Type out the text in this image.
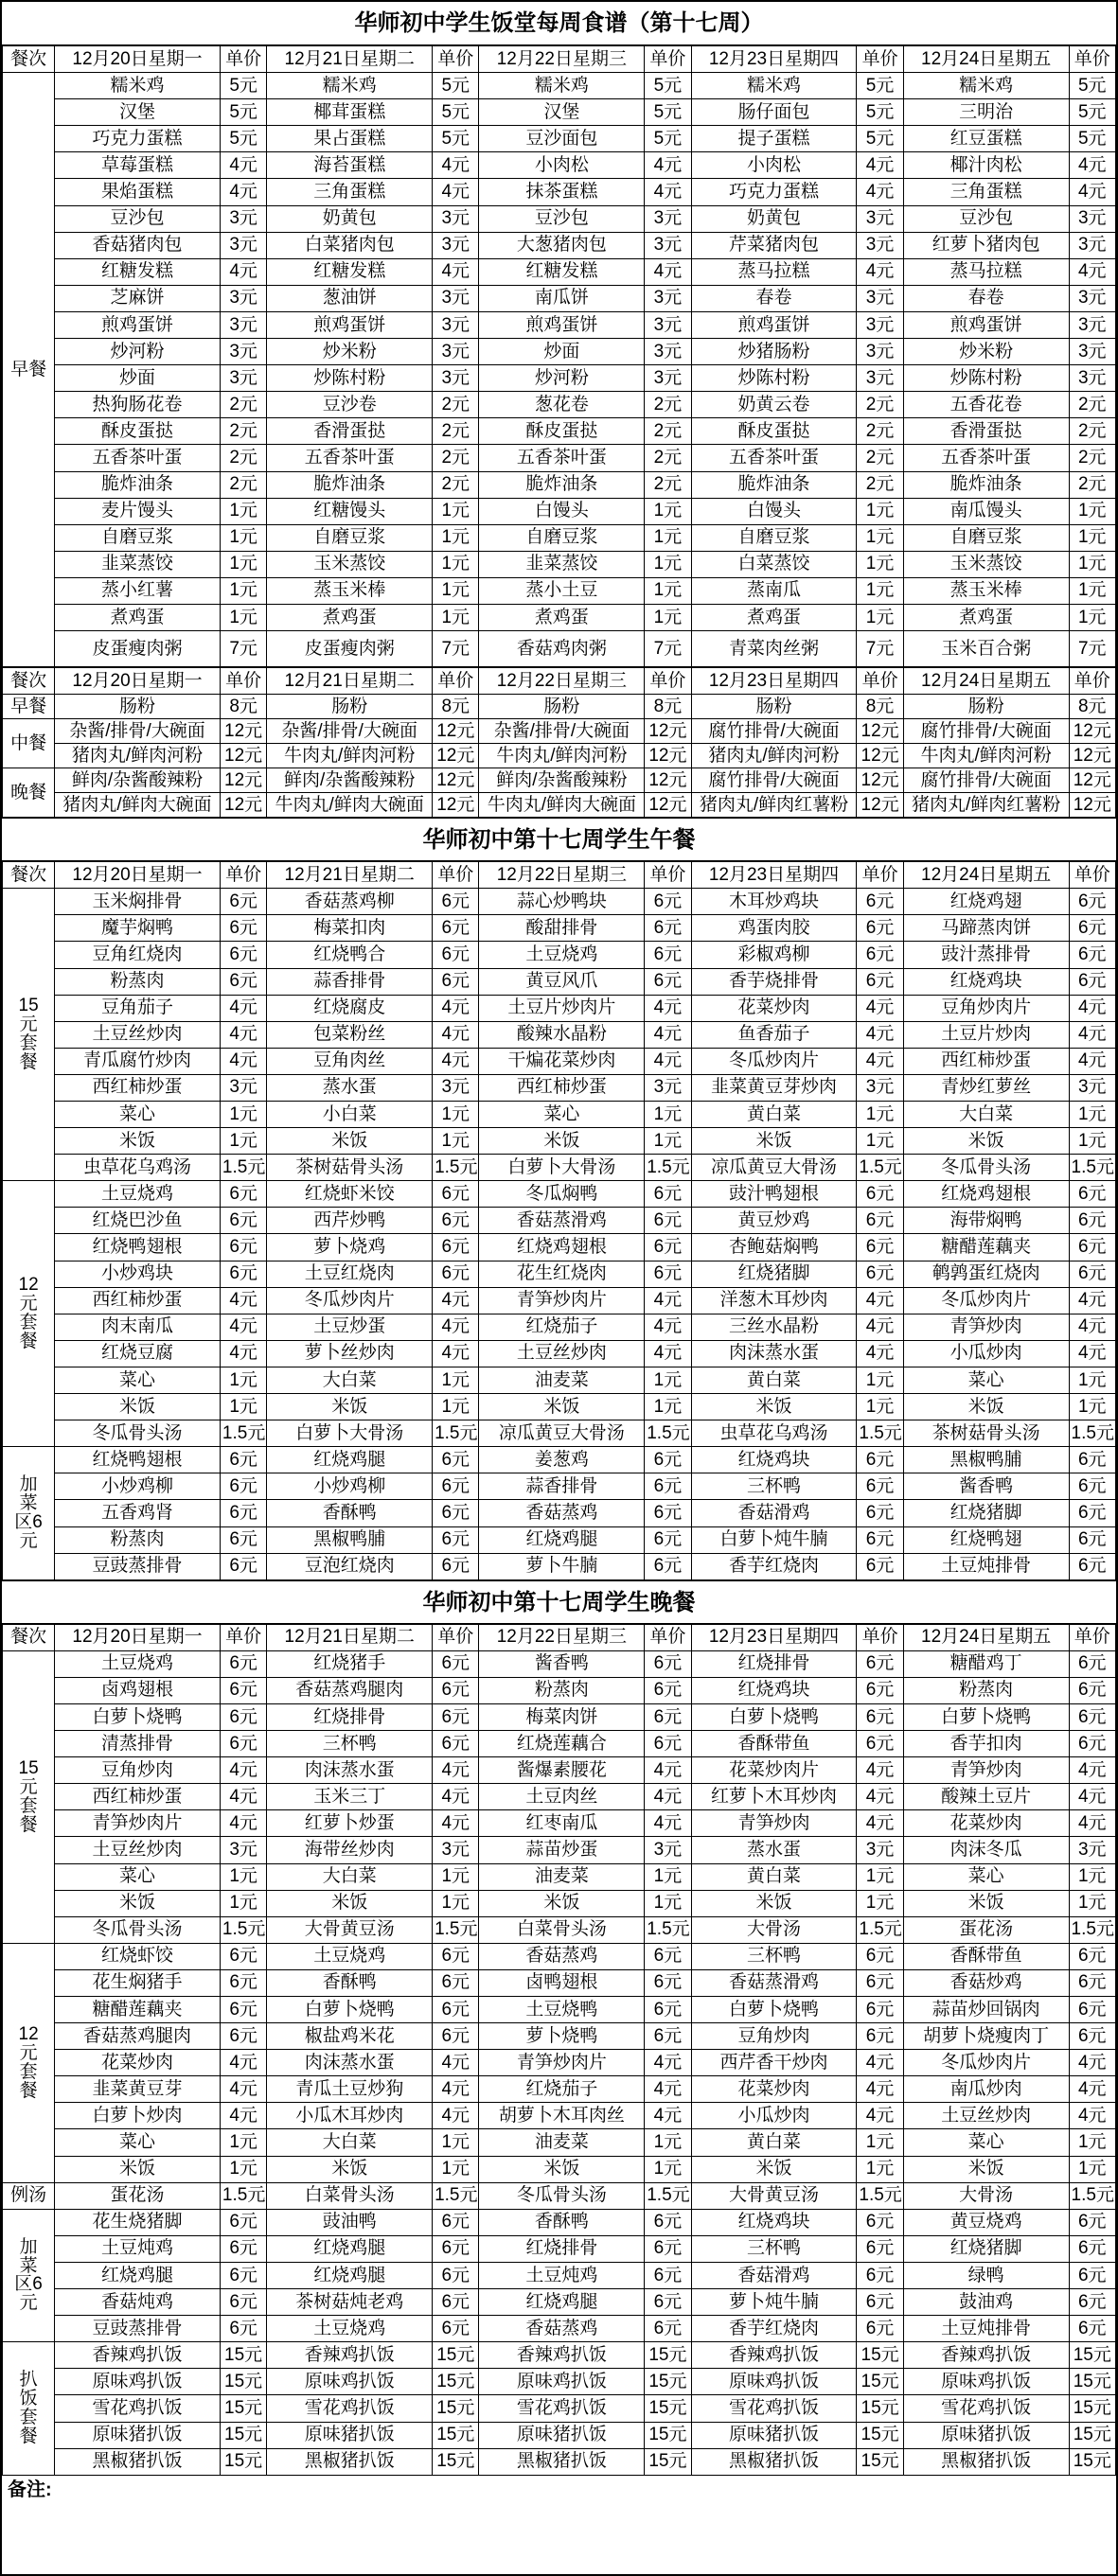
华师初中学生饭堂每周食谱（第十七周）
餐次	12月20日星期一	单价	12月21日星期二	单价	12月22日星期三	单价	12月23日星期四	单价	12月24日星期五	单价
早餐	糯米鸡	5元	糯米鸡	5元	糯米鸡	5元	糯米鸡	5元	糯米鸡	5元
	汉堡	5元	椰茸蛋糕	5元	汉堡	5元	肠仔面包	5元	三明治	5元
	巧克力蛋糕	5元	果占蛋糕	5元	豆沙面包	5元	提子蛋糕	5元	红豆蛋糕	5元
	草莓蛋糕	4元	海苔蛋糕	4元	小肉松	4元	小肉松	4元	椰汁肉松	4元
	果焰蛋糕	4元	三角蛋糕	4元	抹茶蛋糕	4元	巧克力蛋糕	4元	三角蛋糕	4元
	豆沙包	3元	奶黄包	3元	豆沙包	3元	奶黄包	3元	豆沙包	3元
	香菇猪肉包	3元	白菜猪肉包	3元	大葱猪肉包	3元	芹菜猪肉包	3元	红萝卜猪肉包	3元
	红糖发糕	4元	红糖发糕	4元	红糖发糕	4元	蒸马拉糕	4元	蒸马拉糕	4元
	芝麻饼	3元	葱油饼	3元	南瓜饼	3元	春卷	3元	春卷	3元
	煎鸡蛋饼	3元	煎鸡蛋饼	3元	煎鸡蛋饼	3元	煎鸡蛋饼	3元	煎鸡蛋饼	3元
	炒河粉	3元	炒米粉	3元	炒面	3元	炒猪肠粉	3元	炒米粉	3元
	炒面	3元	炒陈村粉	3元	炒河粉	3元	炒陈村粉	3元	炒陈村粉	3元
	热狗肠花卷	2元	豆沙卷	2元	葱花卷	2元	奶黄云卷	2元	五香花卷	2元
	酥皮蛋挞	2元	香滑蛋挞	2元	酥皮蛋挞	2元	酥皮蛋挞	2元	香滑蛋挞	2元
	五香茶叶蛋	2元	五香茶叶蛋	2元	五香茶叶蛋	2元	五香茶叶蛋	2元	五香茶叶蛋	2元
	脆炸油条	2元	脆炸油条	2元	脆炸油条	2元	脆炸油条	2元	脆炸油条	2元
	麦片馒头	1元	红糖馒头	1元	白馒头	1元	白馒头	1元	南瓜馒头	1元
	自磨豆浆	1元	自磨豆浆	1元	自磨豆浆	1元	自磨豆浆	1元	自磨豆浆	1元
	韭菜蒸饺	1元	玉米蒸饺	1元	韭菜蒸饺	1元	白菜蒸饺	1元	玉米蒸饺	1元
	蒸小红薯	1元	蒸玉米棒	1元	蒸小土豆	1元	蒸南瓜	1元	蒸玉米棒	1元
	煮鸡蛋	1元	煮鸡蛋	1元	煮鸡蛋	1元	煮鸡蛋	1元	煮鸡蛋	1元
	皮蛋瘦肉粥	7元	皮蛋瘦肉粥	7元	香菇鸡肉粥	7元	青菜肉丝粥	7元	玉米百合粥	7元
餐次	12月20日星期一	单价	12月21日星期二	单价	12月22日星期三	单价	12月23日星期四	单价	12月24日星期五	单价
早餐	肠粉	8元	肠粉	8元	肠粉	8元	肠粉	8元	肠粉	8元
中餐	杂酱/排骨/大碗面	12元	杂酱/排骨/大碗面	12元	杂酱/排骨/大碗面	12元	腐竹排骨/大碗面	12元	腐竹排骨/大碗面	12元
	猪肉丸/鲜肉河粉	12元	牛肉丸/鲜肉河粉	12元	牛肉丸/鲜肉河粉	12元	猪肉丸/鲜肉河粉	12元	牛肉丸/鲜肉河粉	12元
晚餐	鲜肉/杂酱酸辣粉	12元	鲜肉/杂酱酸辣粉	12元	鲜肉/杂酱酸辣粉	12元	腐竹排骨/大碗面	12元	腐竹排骨/大碗面	12元
	猪肉丸/鲜肉大碗面	12元	牛肉丸/鲜肉大碗面	12元	牛肉丸/鲜肉大碗面	12元	猪肉丸/鲜肉红薯粉	12元	猪肉丸/鲜肉红薯粉	12元
华师初中第十七周学生午餐
餐次	12月20日星期一	单价	12月21日星期二	单价	12月22日星期三	单价	12月23日星期四	单价	12月24日星期五	单价

15
元
套
餐	玉米焖排骨	6元	香菇蒸鸡柳	6元	蒜心炒鸭块	6元	木耳炒鸡块	6元	红烧鸡翅	6元
	魔芋焖鸭	6元	梅菜扣肉	6元	酸甜排骨	6元	鸡蛋肉胶	6元	马蹄蒸肉饼	6元
	豆角红烧肉	6元	红烧鸭合	6元	土豆烧鸡	6元	彩椒鸡柳	6元	豉汁蒸排骨	6元
	粉蒸肉	6元	蒜香排骨	6元	黄豆风爪	6元	香芋烧排骨	6元	红烧鸡块	6元
	豆角茄子	4元	红烧腐皮	4元	土豆片炒肉片	4元	花菜炒肉	4元	豆角炒肉片	4元
	土豆丝炒肉	4元	包菜粉丝	4元	酸辣水晶粉	4元	鱼香茄子	4元	土豆片炒肉	4元
	青瓜腐竹炒肉	4元	豆角肉丝	4元	干煸花菜炒肉	4元	冬瓜炒肉片	4元	西红柿炒蛋	4元
	西红柿炒蛋	3元	蒸水蛋	3元	西红柿炒蛋	3元	韭菜黄豆芽炒肉	3元	青炒红萝丝	3元
	菜心	1元	小白菜	1元	菜心	1元	黄白菜	1元	大白菜	1元
	米饭	1元	米饭	1元	米饭	1元	米饭	1元	米饭	1元
	虫草花乌鸡汤	1.5元	茶树菇骨头汤	1.5元	白萝卜大骨汤	1.5元	凉瓜黄豆大骨汤	1.5元	冬瓜骨头汤	1.5元

12
元
套
餐	土豆烧鸡	6元	红烧虾米饺	6元	冬瓜焖鸭	6元	豉汁鸭翅根	6元	红烧鸡翅根	6元
	红烧巴沙鱼	6元	西芹炒鸭	6元	香菇蒸滑鸡	6元	黄豆炒鸡	6元	海带焖鸭	6元
	红烧鸭翅根	6元	萝卜烧鸡	6元	红烧鸡翅根	6元	杏鲍菇焖鸭	6元	糖醋莲藕夹	6元
	小炒鸡块	6元	土豆红烧肉	6元	花生红烧肉	6元	红烧猪脚	6元	鹌鹑蛋红烧肉	6元
	西红柿炒蛋	4元	冬瓜炒肉片	4元	青笋炒肉片	4元	洋葱木耳炒肉	4元	冬瓜炒肉片	4元
	肉末南瓜	4元	土豆炒蛋	4元	红烧茄子	4元	三丝水晶粉	4元	青笋炒肉	4元
	红烧豆腐	4元	萝卜丝炒肉	4元	土豆丝炒肉	4元	肉沫蒸水蛋	4元	小瓜炒肉	4元
	菜心	1元	大白菜	1元	油麦菜	1元	黄白菜	1元	菜心	1元
	米饭	1元	米饭	1元	米饭	1元	米饭	1元	米饭	1元
	冬瓜骨头汤	1.5元	白萝卜大骨汤	1.5元	凉瓜黄豆大骨汤	1.5元	虫草花乌鸡汤	1.5元	茶树菇骨头汤	1.5元

加
菜
区6
元	红烧鸭翅根	6元	红烧鸡腿	6元	姜葱鸡	6元	红烧鸡块	6元	黑椒鸭脯	6元
	小炒鸡柳	6元	小炒鸡柳	6元	蒜香排骨	6元	三杯鸭	6元	酱香鸭	6元
	五香鸡肾	6元	香酥鸭	6元	香菇蒸鸡	6元	香菇滑鸡	6元	红烧猪脚	6元
	粉蒸肉	6元	黑椒鸭脯	6元	红烧鸡腿	6元	白萝卜炖牛腩	6元	红烧鸭翅	6元
	豆豉蒸排骨	6元	豆泡红烧肉	6元	萝卜牛腩	6元	香芋红烧肉	6元	土豆炖排骨	6元
华师初中第十七周学生晚餐
餐次	12月20日星期一	单价	12月21日星期二	单价	12月22日星期三	单价	12月23日星期四	单价	12月24日星期五	单价

15
元
套
餐	土豆烧鸡	6元	红烧猪手	6元	酱香鸭	6元	红烧排骨	6元	糖醋鸡丁	6元
	卤鸡翅根	6元	香菇蒸鸡腿肉	6元	粉蒸肉	6元	红烧鸡块	6元	粉蒸肉	6元
	白萝卜烧鸭	6元	红烧排骨	6元	梅菜肉饼	6元	白萝卜烧鸭	6元	白萝卜烧鸭	6元
	清蒸排骨	6元	三杯鸭	6元	红烧莲藕合	6元	香酥带鱼	6元	香芋扣肉	6元
	豆角炒肉	4元	肉沫蒸水蛋	4元	酱爆素腰花	4元	花菜炒肉片	4元	青笋炒肉	4元
	西红柿炒蛋	4元	玉米三丁	4元	土豆肉丝	4元	红萝卜木耳炒肉	4元	酸辣土豆片	4元
	青笋炒肉片	4元	红萝卜炒蛋	4元	红枣南瓜	4元	青笋炒肉	4元	花菜炒肉	4元
	土豆丝炒肉	3元	海带丝炒肉	3元	蒜苗炒蛋	3元	蒸水蛋	3元	肉沫冬瓜	3元
	菜心	1元	大白菜	1元	油麦菜	1元	黄白菜	1元	菜心	1元
	米饭	1元	米饭	1元	米饭	1元	米饭	1元	米饭	1元
	冬瓜骨头汤	1.5元	大骨黄豆汤	1.5元	白菜骨头汤	1.5元	大骨汤	1.5元	蛋花汤	1.5元

12
元
套
餐	红烧虾饺	6元	土豆烧鸡	6元	香菇蒸鸡	6元	三杯鸭	6元	香酥带鱼	6元
	花生焖猪手	6元	香酥鸭	6元	卤鸭翅根	6元	香菇蒸滑鸡	6元	香菇炒鸡	6元
	糖醋莲藕夹	6元	白萝卜烧鸭	6元	土豆烧鸭	6元	白萝卜烧鸭	6元	蒜苗炒回锅肉	6元
	香菇蒸鸡腿肉	6元	椒盐鸡米花	6元	萝卜烧鸭	6元	豆角炒肉	6元	胡萝卜烧瘦肉丁	6元
	花菜炒肉	4元	肉沫蒸水蛋	4元	青笋炒肉片	4元	西芹香干炒肉	4元	冬瓜炒肉片	4元
	韭菜黄豆芽	4元	青瓜土豆炒狗	4元	红烧茄子	4元	花菜炒肉	4元	南瓜炒肉	4元
	白萝卜炒肉	4元	小瓜木耳炒肉	4元	胡萝卜木耳肉丝	4元	小瓜炒肉	4元	土豆丝炒肉	4元
	菜心	1元	大白菜	1元	油麦菜	1元	黄白菜	1元	菜心	1元
	米饭	1元	米饭	1元	米饭	1元	米饭	1元	米饭	1元
例汤	蛋花汤	1.5元	白菜骨头汤	1.5元	冬瓜骨头汤	1.5元	大骨黄豆汤	1.5元	大骨汤	1.5元

加
菜
区6
元	花生烧猪脚	6元	豉油鸭	6元	香酥鸭	6元	红烧鸡块	6元	黄豆烧鸡	6元
	土豆炖鸡	6元	红烧鸡腿	6元	红烧排骨	6元	三杯鸭	6元	红烧猪脚	6元
	红烧鸡腿	6元	红烧鸡腿	6元	土豆炖鸡	6元	香菇滑鸡	6元	绿鸭	6元
	香菇炖鸡	6元	茶树菇炖老鸡	6元	红烧鸡腿	6元	萝卜炖牛腩	6元	鼓油鸡	6元
	豆豉蒸排骨	6元	土豆烧鸡	6元	香菇蒸鸡	6元	香芋红烧肉	6元	土豆炖排骨	6元

扒
饭
套
餐	香辣鸡扒饭	15元	香辣鸡扒饭	15元	香辣鸡扒饭	15元	香辣鸡扒饭	15元	香辣鸡扒饭	15元
	原味鸡扒饭	15元	原味鸡扒饭	15元	原味鸡扒饭	15元	原味鸡扒饭	15元	原味鸡扒饭	15元
	雪花鸡扒饭	15元	雪花鸡扒饭	15元	雪花鸡扒饭	15元	雪花鸡扒饭	15元	雪花鸡扒饭	15元
	原味猪扒饭	15元	原味猪扒饭	15元	原味猪扒饭	15元	原味猪扒饭	15元	原味猪扒饭	15元
	黑椒猪扒饭	15元	黑椒猪扒饭	15元	黑椒猪扒饭	15元	黑椒猪扒饭	15元	黑椒猪扒饭	15元
备注:
